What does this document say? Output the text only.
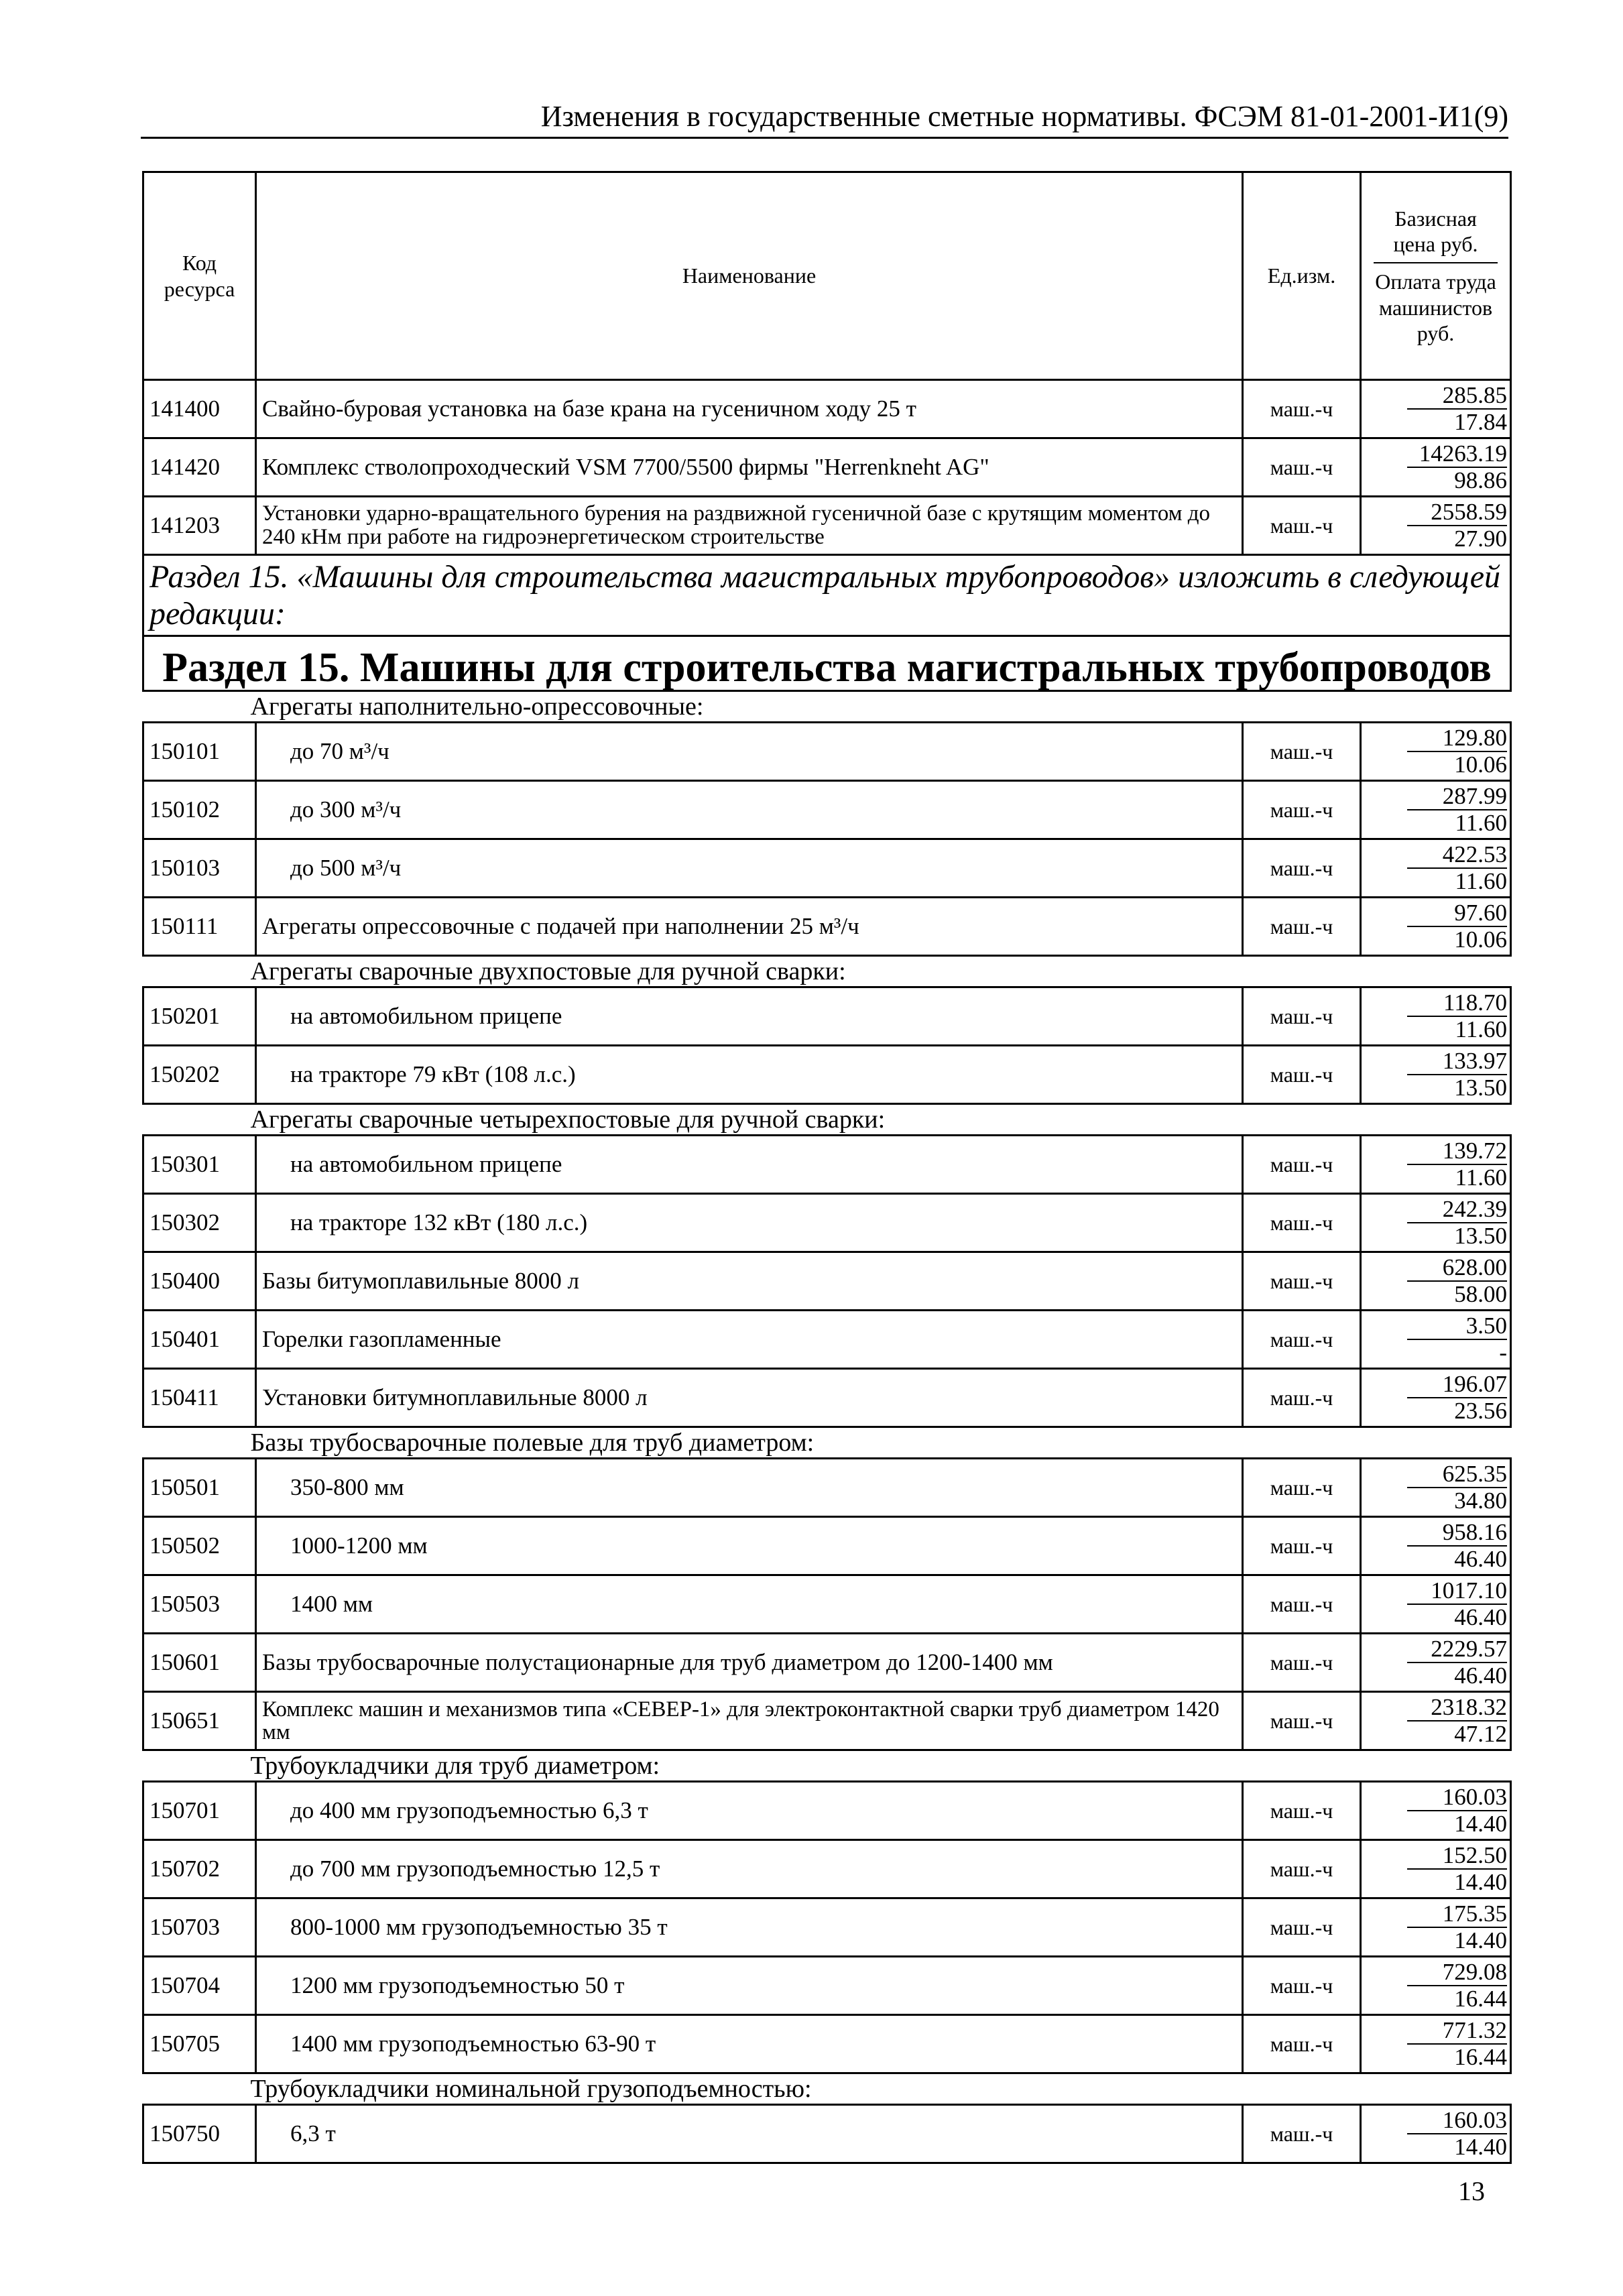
Изменения в государственные сметные нормативы. ФСЭМ 81-01-2001-И1(9)
Код ресурса	Наименование	Ед.изм.	Базисная цена руб.
Оплата труда машинистов руб.
141400	Свайно-буровая установка на базе крана на гусеничном ходу 25 т	маш.-ч	285.85
17.84

141420	Комплекс стволопроходческий VSM 7700/5500 фирмы "Herrenkneht AG"	маш.-ч	14263.19
98.86

141203	Установки ударно-вращательного бурения на раздвижной гусеничной базе с крутящим моментом до 240 кНм при работе на гидроэнергетическом строительстве	маш.-ч	2558.59
27.90

Раздел 15. «Машины для строительства магистральных трубопроводов» изложить в следующей редакции:			
Раздел 15. Машины для строительства магистральных трубопроводов			
Агрегаты наполнительно-опрессовочные:			
150101	до 70 м³/ч	маш.-ч	129.80
10.06

150102	до 300 м³/ч	маш.-ч	287.99
11.60

150103	до 500 м³/ч	маш.-ч	422.53
11.60

150111	Агрегаты опрессовочные с подачей при наполнении 25 м³/ч	маш.-ч	97.60
10.06

Агрегаты сварочные двухпостовые для ручной сварки:			
150201	на автомобильном прицепе	маш.-ч	118.70
11.60

150202	на тракторе 79 кВт (108 л.с.)	маш.-ч	133.97
13.50

Агрегаты сварочные четырехпостовые для ручной сварки:			
150301	на автомобильном прицепе	маш.-ч	139.72
11.60

150302	на тракторе 132 кВт (180 л.с.)	маш.-ч	242.39
13.50

150400	Базы битумоплавильные 8000 л	маш.-ч	628.00
58.00

150401	Горелки газопламенные	маш.-ч	3.50
-

150411	Установки битумноплавильные 8000 л	маш.-ч	196.07
23.56

Базы трубосварочные полевые для труб диаметром:			
150501	350-800 мм	маш.-ч	625.35
34.80

150502	1000-1200 мм	маш.-ч	958.16
46.40

150503	1400 мм	маш.-ч	1017.10
46.40

150601	Базы трубосварочные полустационарные для труб диаметром до 1200-1400 мм	маш.-ч	2229.57
46.40

150651	Комплекс машин и механизмов типа «СЕВЕР-1» для электроконтактной сварки труб диаметром 1420 мм	маш.-ч	2318.32
47.12

Трубоукладчики для труб диаметром:			
150701	до 400 мм грузоподъемностью 6,3 т	маш.-ч	160.03
14.40

150702	до 700 мм грузоподъемностью 12,5 т	маш.-ч	152.50
14.40

150703	800-1000 мм грузоподъемностью 35 т	маш.-ч	175.35
14.40

150704	1200 мм грузоподъемностью 50 т	маш.-ч	729.08
16.44

150705	1400 мм грузоподъемностью 63-90 т	маш.-ч	771.32
16.44

Трубоукладчики номинальной грузоподъемностью:			
150750	6,3 т	маш.-ч	160.03
14.40
13
